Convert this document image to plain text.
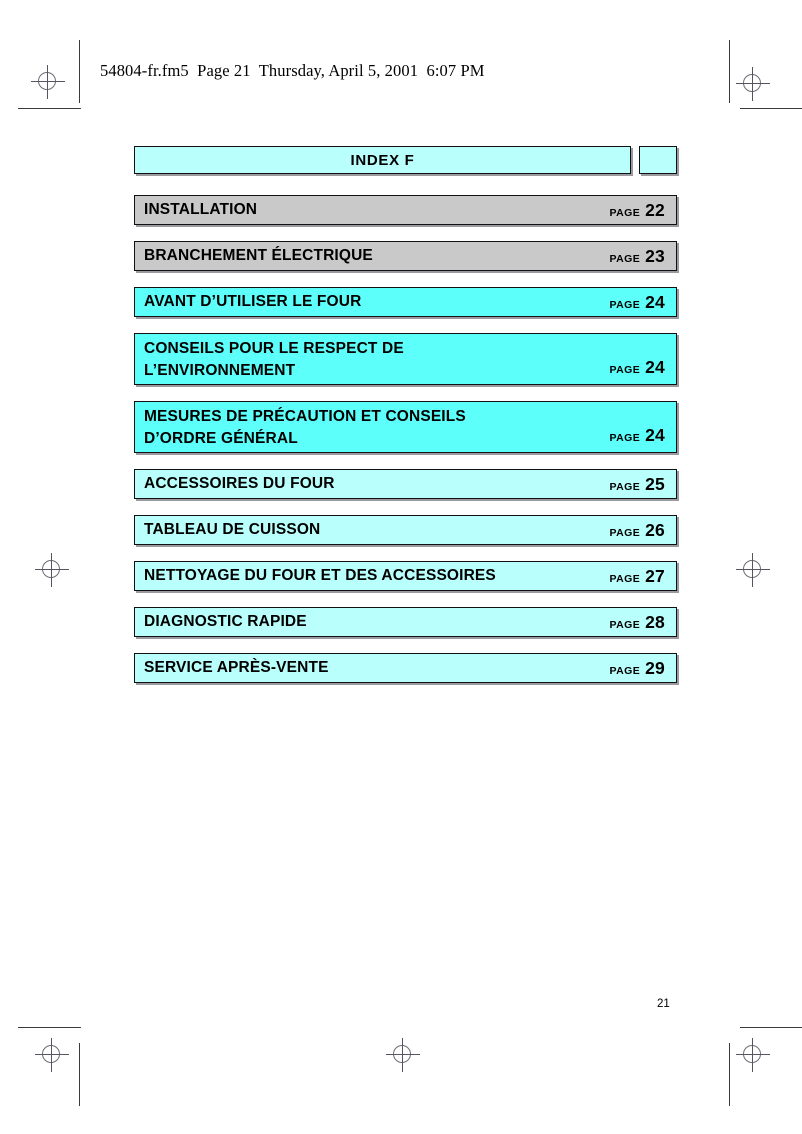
54804-fr.fm5  Page 21  Thursday, April 5, 2001  6:07 PM
INDEX F
INSTALLATION	PAGE 22
BRANCHEMENT ÉLECTRIQUE	PAGE 23
AVANT D’UTILISER LE FOUR	PAGE 24
CONSEILS POUR LE RESPECT DE
L’ENVIRONNEMENT	PAGE 24
MESURES DE PRÉCAUTION ET CONSEILS
D’ORDRE GÉNÉRAL	PAGE 24
ACCESSOIRES DU FOUR	PAGE 25
TABLEAU DE CUISSON	PAGE 26
NETTOYAGE DU FOUR ET DES ACCESSOIRES	PAGE 27
DIAGNOSTIC RAPIDE	PAGE 28
SERVICE APRÈS-VENTE	PAGE 29
21
